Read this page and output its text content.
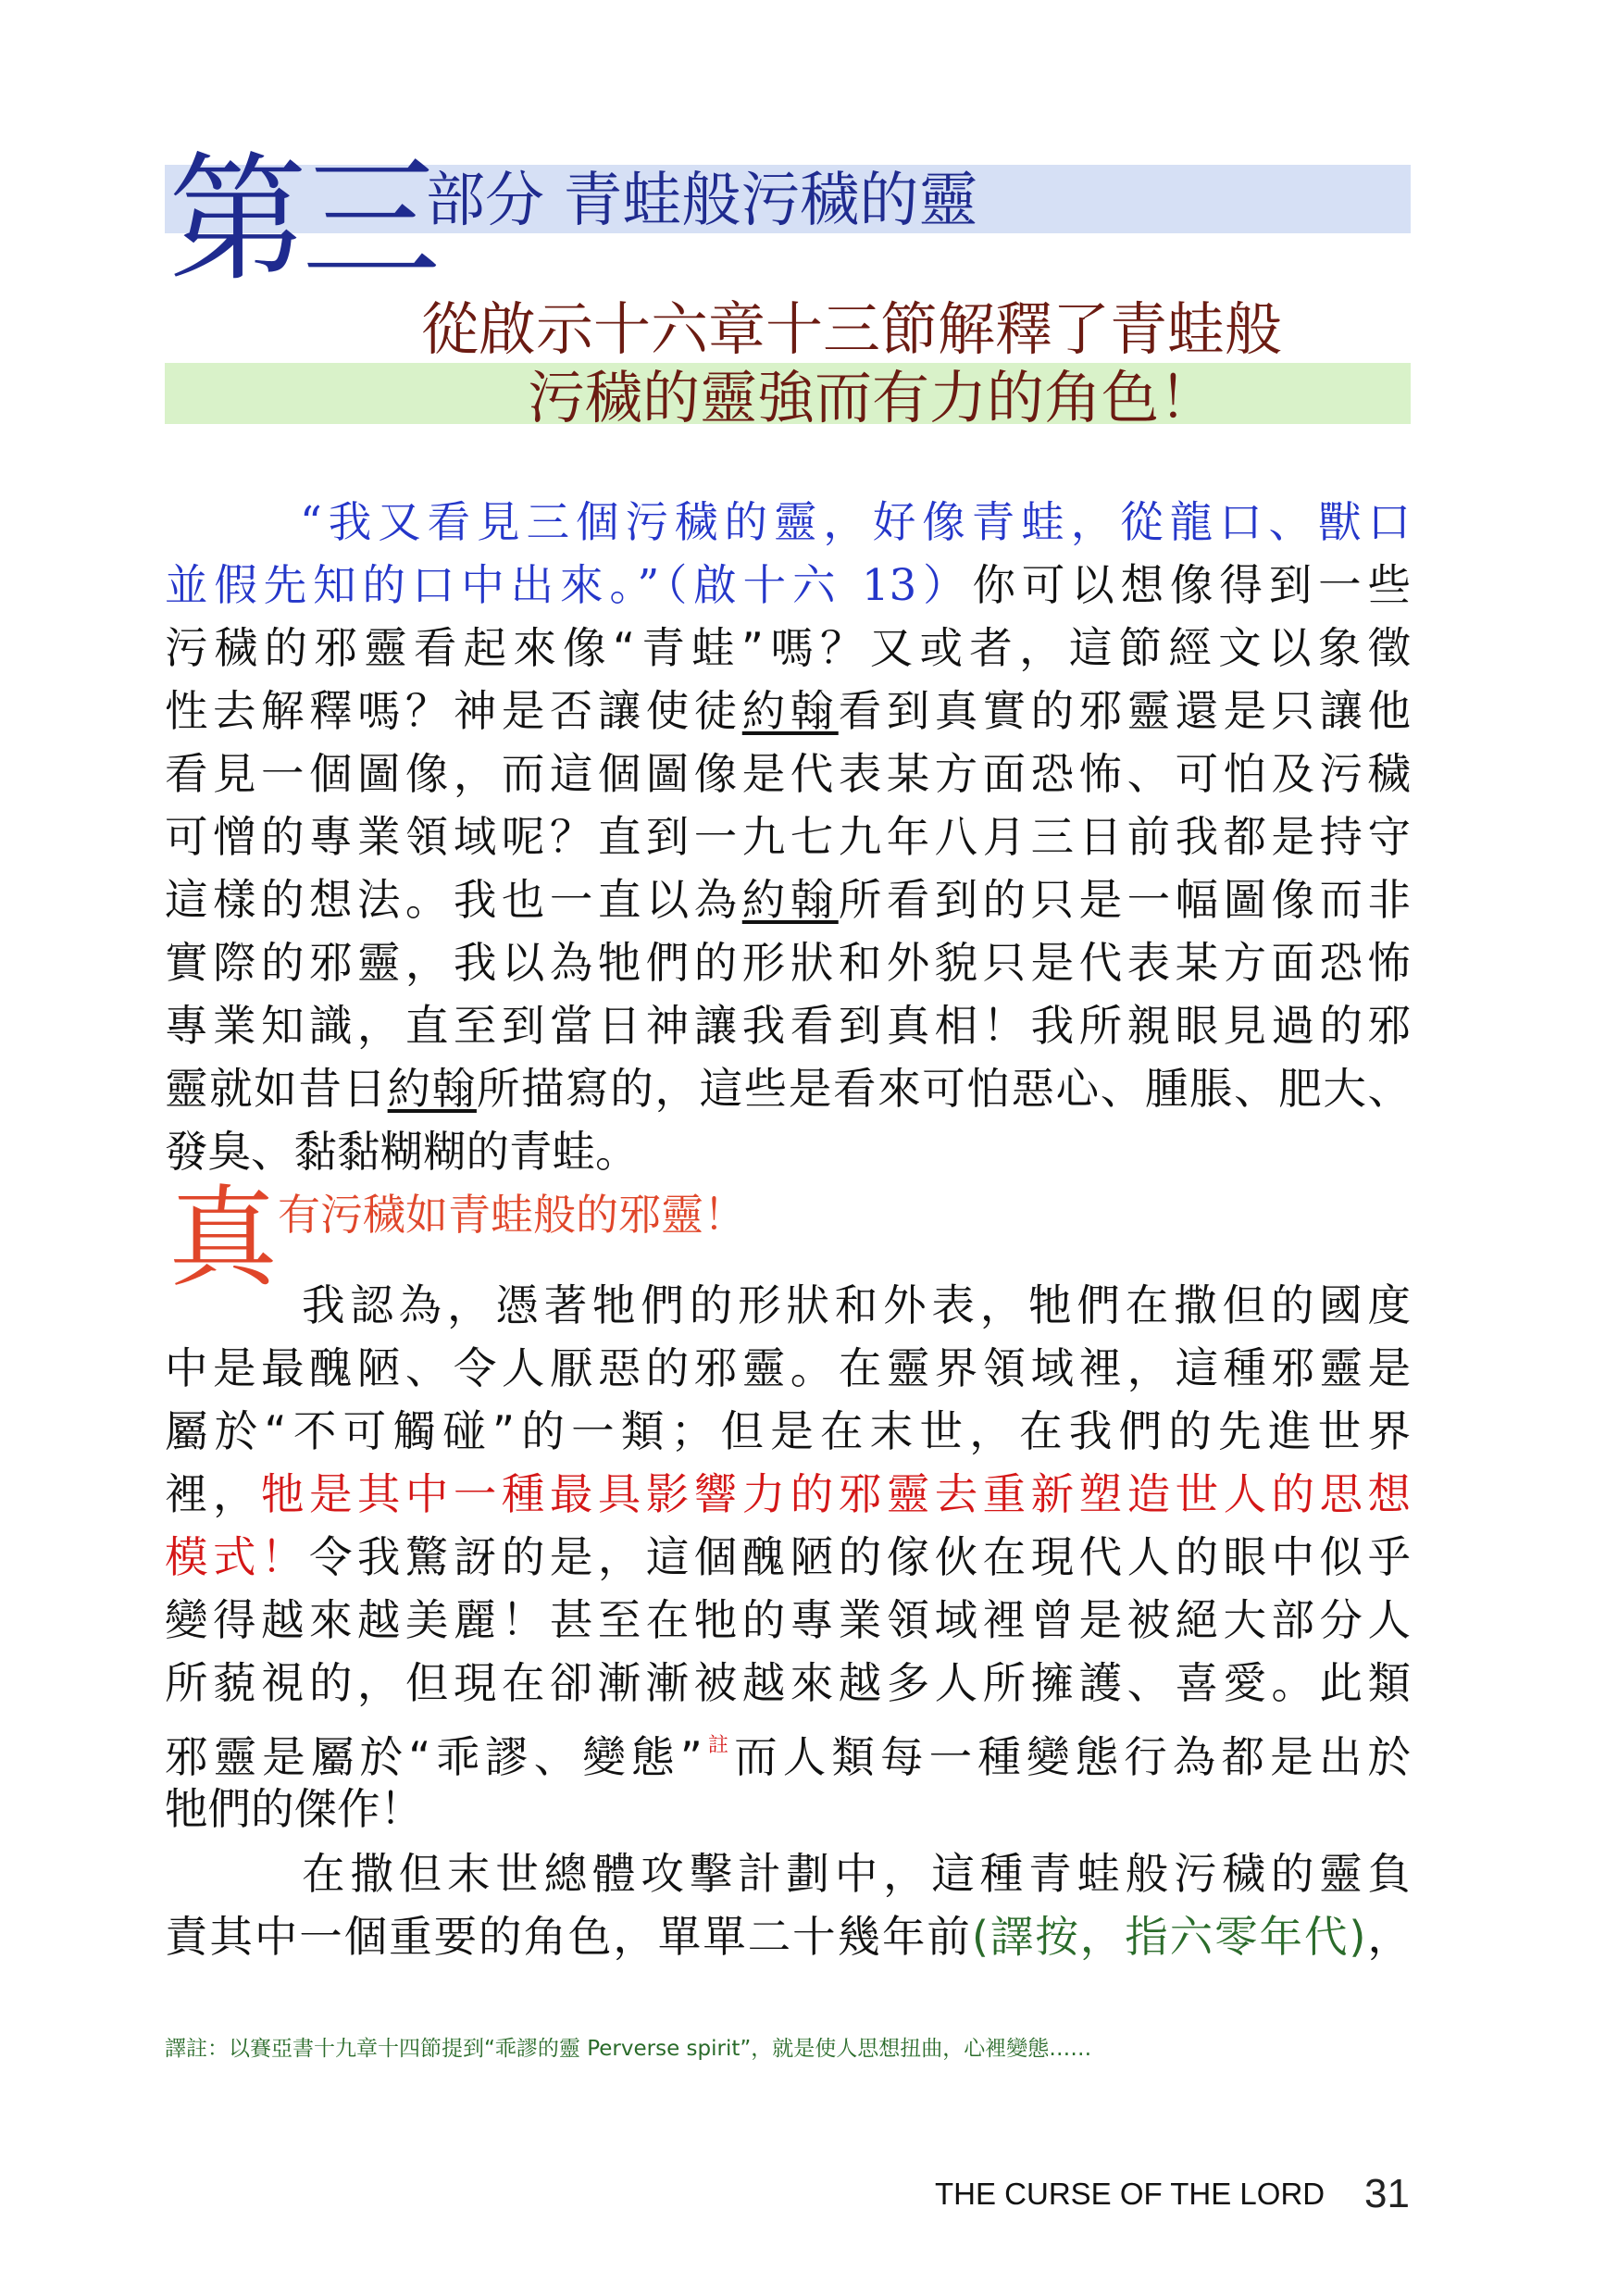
第三
部分 青蛙般污穢的靈
從啟示十六章十三節解釋了青蛙般
污穢的靈強而有力的角色！
“我又看見三個污穢的靈，好像青蛙，從龍口、獸口
並假先知的口中出來。”（啟十六 13）你可以想像得到一些
污穢的邪靈看起來像“青蛙”嗎？又或者，這節經文以象徵
性去解釋嗎？神是否讓使徒約翰看到真實的邪靈還是只讓他
看見一個圖像，而這個圖像是代表某方面恐怖、可怕及污穢
可憎的專業領域呢？直到一九七九年八月三日前我都是持守
這樣的想法。我也一直以為約翰所看到的只是一幅圖像而非
實際的邪靈，我以為牠們的形狀和外貌只是代表某方面恐怖
專業知識，直至到當日神讓我看到真相！我所親眼見過的邪
靈就如昔日約翰所描寫的，這些是看來可怕惡心、腫脹、肥大、
發臭、黏黏糊糊的青蛙。
真 有污穢如青蛙般的邪靈！
我認為，憑著牠們的形狀和外表，牠們在撒但的國度
中是最醜陋、令人厭惡的邪靈。在靈界領域裡，這種邪靈是
屬於“不可觸碰”的一類；但是在末世，在我們的先進世界
裡，牠是其中一種最具影響力的邪靈去重新塑造世人的思想
模式！令我驚訝的是，這個醜陋的傢伙在現代人的眼中似乎
變得越來越美麗！甚至在牠的專業領域裡曾是被絕大部分人
所藐視的，但現在卻漸漸被越來越多人所擁護、喜愛。此類
邪靈是屬於“乖謬、變態”$^註$而人類每一種變態行為都是出於
牠們的傑作！
在撒但末世總體攻擊計劃中，這種青蛙般污穢的靈負
責其中一個重要的角色，單單二十幾年前(譯按，指六零年代)，
譯註：以賽亞書十九章十四節提到“乖謬的靈 Perverse spirit”，就是使人思想扭曲，心裡變態……
THE CURSE OF THE LORD 31
